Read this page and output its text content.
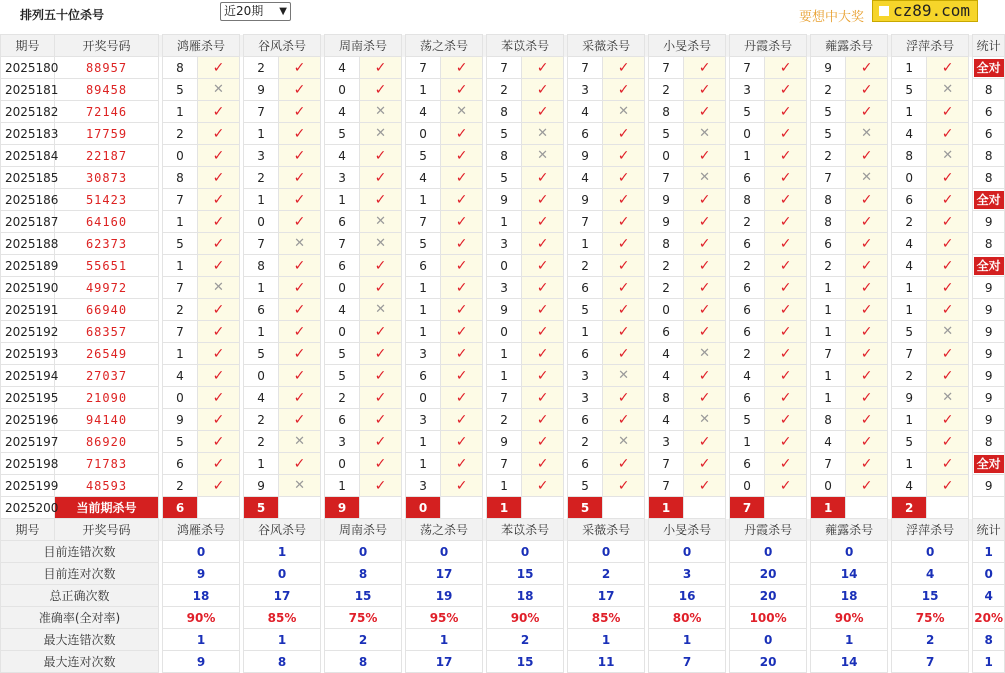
排列五十位杀号	近20期 ▼	要想中大奖	cz89.com
期号	开奖号码		鸿雁杀号			谷风杀号			周南杀号			荡之杀号			苯苡杀号			采薇杀号			小旻杀号			丹霞杀号			蕹露杀号			浮萍杀号			统计
2025180	88957		8	✓		2	✓		4	✓		7	✓		7	✓		7	✓		7	✓		7	✓		9	✓		1	✓		全对
2025181	89458		5	✕		9	✓		0	✓		1	✓		2	✓		3	✓		2	✓		3	✓		2	✓		5	✕		8
2025182	72146		1	✓		7	✓		4	✕		4	✕		8	✓		4	✕		8	✓		5	✓		5	✓		1	✓		6
2025183	17759		2	✓		1	✓		5	✕		0	✓		5	✕		6	✓		5	✕		0	✓		5	✕		4	✓		6
2025184	22187		0	✓		3	✓		4	✓		5	✓		8	✕		9	✓		0	✓		1	✓		2	✓		8	✕		8
2025185	30873		8	✓		2	✓		3	✓		4	✓		5	✓		4	✓		7	✕		6	✓		7	✕		0	✓		8
2025186	51423		7	✓		1	✓		1	✓		1	✓		9	✓		9	✓		9	✓		8	✓		8	✓		6	✓		全对
2025187	64160		1	✓		0	✓		6	✕		7	✓		1	✓		7	✓		9	✓		2	✓		8	✓		2	✓		9
2025188	62373		5	✓		7	✕		7	✕		5	✓		3	✓		1	✓		8	✓		6	✓		6	✓		4	✓		8
2025189	55651		1	✓		8	✓		6	✓		6	✓		0	✓		2	✓		2	✓		2	✓		2	✓		4	✓		全对
2025190	49972		7	✕		1	✓		0	✓		1	✓		3	✓		6	✓		2	✓		6	✓		1	✓		1	✓		9
2025191	66940		2	✓		6	✓		4	✕		1	✓		9	✓		5	✓		0	✓		6	✓		1	✓		1	✓		9
2025192	68357		7	✓		1	✓		0	✓		1	✓		0	✓		1	✓		6	✓		6	✓		1	✓		5	✕		9
2025193	26549		1	✓		5	✓		5	✓		3	✓		1	✓		6	✓		4	✕		2	✓		7	✓		7	✓		9
2025194	27037		4	✓		0	✓		5	✓		6	✓		1	✓		3	✕		4	✓		4	✓		1	✓		2	✓		9
2025195	21090		0	✓		4	✓		2	✓		0	✓		7	✓		3	✓		8	✓		6	✓		1	✓		9	✕		9
2025196	94140		9	✓		2	✓		6	✓		3	✓		2	✓		6	✓		4	✕		5	✓		8	✓		1	✓		9
2025197	86920		5	✓		2	✕		3	✓		1	✓		9	✓		2	✕		3	✓		1	✓		4	✓		5	✓		8
2025198	71783		6	✓		1	✓		0	✓		1	✓		7	✓		6	✓		7	✓		6	✓		7	✓		1	✓		全对
2025199	48593		2	✓		9	✕		1	✓		3	✓		1	✓		5	✓		7	✓		0	✓		0	✓		4	✓		9
2025200	当前期杀号		6			5			9			0			1			5			1			7			1			2			
期号	开奖号码		鸿雁杀号			谷风杀号			周南杀号			荡之杀号			苯苡杀号			采薇杀号			小旻杀号			丹霞杀号			蕹露杀号			浮萍杀号			统计
目前连错次数			0			1			0			0			0			0			0			0			0			0			1
目前连对次数			9			0			8			17			15			2			3			20			14			4			0
总正确次数			18			17			15			19			18			17			16			20			18			15			4
准确率(全对率)			90%			85%			75%			95%			90%			85%			80%			100%			90%			75%			20%
最大连错次数			1			1			2			1			2			1			1			0			1			2			8
最大连对次数			9			8			8			17			15			11			7			20			14			7			1
